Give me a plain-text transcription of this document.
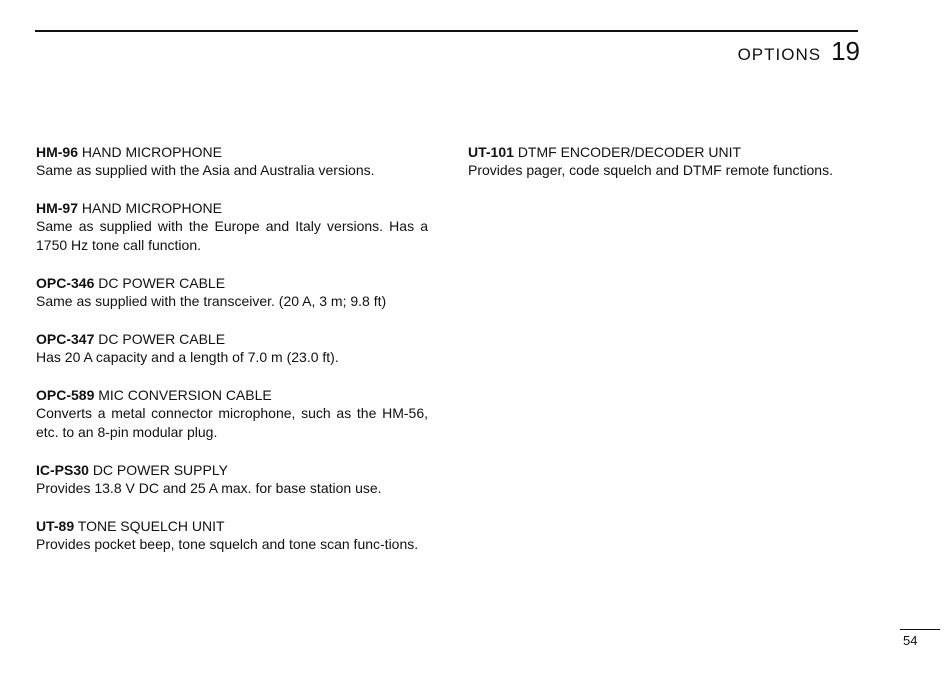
OPTIONS 19
HM-96 HAND MICROPHONE
Same as supplied with the Asia and Australia versions.
HM-97 HAND MICROPHONE
Same as supplied with the Europe and Italy versions. Has a 1750 Hz tone call function.
OPC-346 DC POWER CABLE
Same as supplied with the transceiver. (20 A, 3 m; 9.8 ft)
OPC-347 DC POWER CABLE
Has 20 A capacity and a length of 7.0 m (23.0 ft).
OPC-589 MIC CONVERSION CABLE
Converts a metal connector microphone, such as the HM-56, etc. to an 8-pin modular plug.
IC-PS30 DC POWER SUPPLY
Provides 13.8 V DC and 25 A max. for base station use.
UT-89 TONE SQUELCH UNIT
Provides pocket beep, tone squelch and tone scan func-tions.
UT-101 DTMF ENCODER/DECODER UNIT
Provides pager, code squelch and DTMF remote functions.
54
